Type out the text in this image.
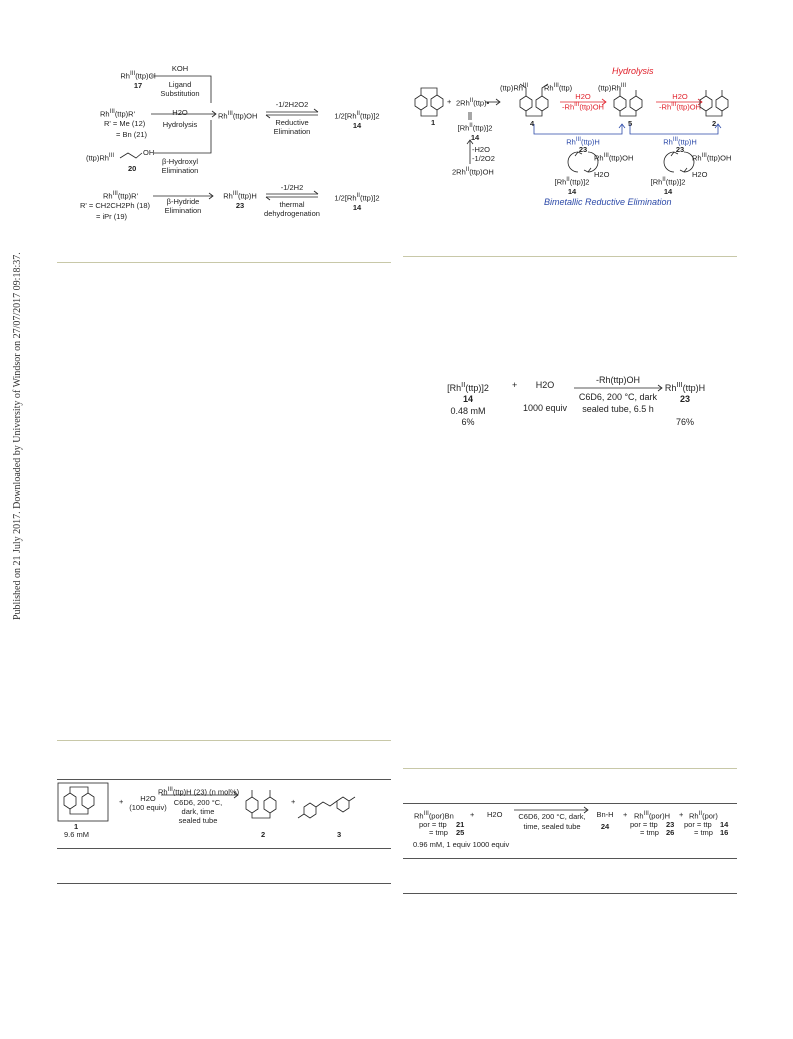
Published on 21 July 2017. Downloaded by University of Windsor on 27/07/2017 09:18:37.
$Rh^{III}(ttp)Cl$
17
KOH
Ligand
Substitution
$Rh^{III}(ttp)R'$
R' = Me (12)
= Bn (21)
H2O
Hydrolysis
$Rh^{III}(ttp)OH$
-1/2H2O2
Reductive
Elimination
$1/2[Rh^{II}(ttp)]2$
14
$(ttp)Rh^{III}$	OH
20
β-Hydroxyl
Elimination
$Rh^{III}(ttp)R'$
R' = CH2CH2Ph (18)
= iPr (19)
β-Hydride
Elimination
$Rh^{III}(ttp)H$
23
-1/2H2
thermal
dehydrogenation
$1/2[Rh^{II}(ttp)]2$
14
Hydrolysis
Bimetallic Reductive Elimination
1
+ $2Rh^{II}(ttp)•$
$[Rh^{II}(ttp)]2$
14
-H2O
-1/2O2
$2Rh^{II}(ttp)OH$
$(ttp)Rh^{III}$ $Rh^{III}(ttp)$
4
H2O
$-Rh^{III}(ttp)OH$
$(ttp)Rh^{III}$
5
H2O
$-Rh^{III}(ttp)OH$
2
$Rh^{III}(ttp)H$
23
$Rh^{III}(ttp)H$
23
$Rh^{III}(ttp)OH$
H2O
$[Rh^{II}(ttp)]2$
14
$Rh^{III}(ttp)OH$
H2O
$[Rh^{II}(ttp)]2$
14
$[Rh^{II}(ttp)]2$
14
0.48 mM
6%
+	H2O

1000 equiv
-Rh(ttp)OH
C6D6, 200 °C, dark
sealed tube, 6.5 h
$Rh^{III}(ttp)H$
23

76%
1
9.6 mM
+	H2O
(100 equiv)
$Rh^{III}(ttp)H$ (23) (n mol%)
C6D6, 200 °C,
dark, time
sealed tube
2
+
3
$Rh^{III}(por)Bn + H2O$
por = ttp 21
= tmp 25
C6D6, 200 °C, dark,
time, sealed tube
Bn-H
24
+ $Rh^{III}(por)H$
por = ttp 23
= tmp 26
+ $Rh^{II}(por)$
por = ttp 14
= tmp 16
0.96 mM, 1 equiv 1000 equiv
